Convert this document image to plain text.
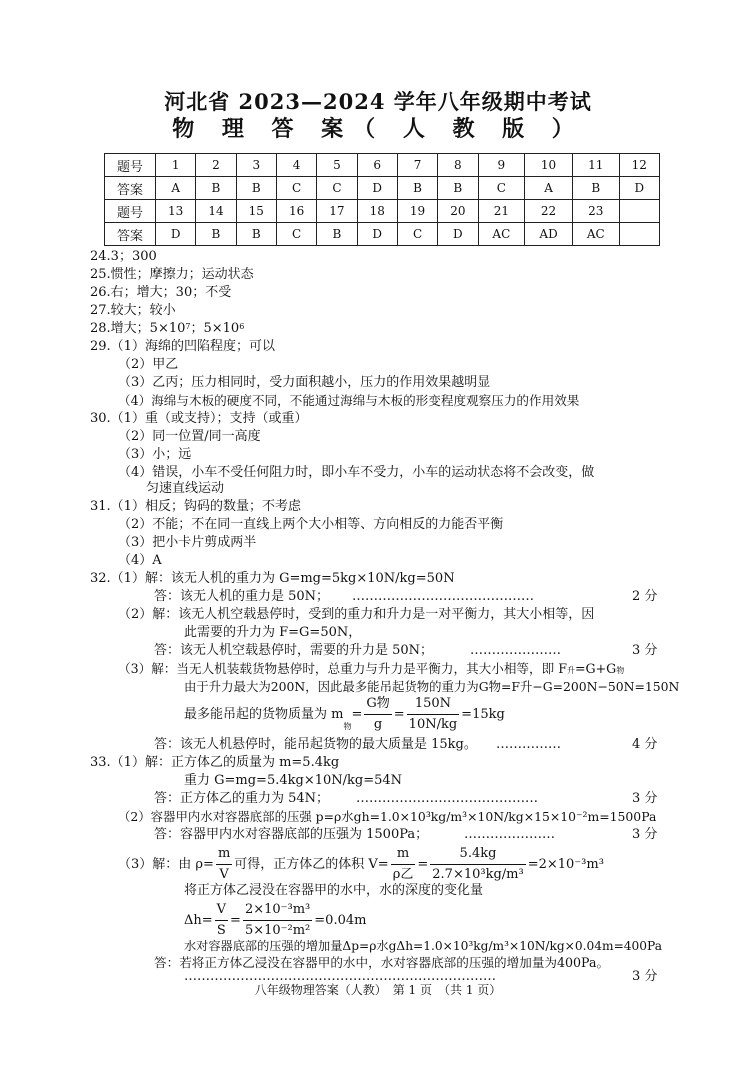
河北省 2023—2024 学年八年级期中考试
物 理 答 案（ 人 教 版 ）
题号	1	2	3	4	5	6	7	8	9	10	11	12
答案	A	B	B	C	C	D	B	B	C	A	B	D
题号	13	14	15	16	17	18	19	20	21	22	23	
答案	D	B	B	C	B	D	C	D	AC	AD	AC	
24.3；300
25.惯性；摩擦力；运动状态
26.右；增大；30；不受
27.较大；较小
28.增大；$5\times 10^7$；$5\times 10^6$
29.（1）海绵的凹陷程度；可以
（2）甲乙
（3）乙丙；压力相同时，受力面积越小，压力的作用效果越明显
（4）海绵与木板的硬度不同，不能通过海绵与木板的形变程度观察压力的作用效果
30.（1）重（或支持）；支持（或重）
（2）同一位置/同一高度
（3）小；远
（4）错误，小车不受任何阻力时，即小车不受力，小车的运动状态将不会改变，做
匀速直线运动
31.（1）相反；钩码的数量；不考虑
（2）不能；不在同一直线上两个大小相等、方向相反的力能否平衡
（3）把小卡片剪成两半
（4）A
32.（1）解：该无人机的重力为 G=mg=5kg×10N/kg=50N
答：该无人机的重力是 50N； ……………………………………	2 分
（2）解：该无人机空载悬停时，受到的重力和升力是一对平衡力，其大小相等，因
此需要的升力为 F=G=50N，
答：该无人机空载悬停时，需要的升力是 50N；	…………………	3 分
（3）解：当无人机装载货物悬停时，总重力与升力是平衡力，其大小相等，即 F升=G+G物
由于升力最大为200N，因此最多能吊起货物的重力为G物=F升−G=200N−50N=150N
最多能吊起的货物质量为 m物= $\frac{\text{G物}}{g} = \frac{150N}{10N/kg} =15kg$
答：该无人机悬停时，能吊起货物的最大质量是 15kg。 ……………	4 分
33.（1）解：正方体乙的质量为 m=5.4kg
重力 G=mg=5.4kg×10N/kg=54N
答：正方体乙的重力为 54N； ……………………………………	3 分
（2）容器甲内水对容器底部的压强 p=ρ水gh=1.0×10³kg/m³×10N/kg×15×10⁻²m=1500Pa
答：容器甲内水对容器底部的压强为 1500Pa；	…………………	3 分
（3）解：由 $\rho= \frac{m}{V}$ 可得，正方体乙的体积 $V= \frac{m}{\text{ρ乙}} = \frac{5.4kg}{\text{2.7×10³kg/m³}} =2\times 10^{-3}m^3$
将正方体乙浸没在容器甲的水中，水的深度的变化量
$\Delta h= \frac{V}{S} = \frac{\text{2×10⁻³m³}}{\text{5×10⁻²m²}} =0.04m$
水对容器底部的压强的增加量Δp=ρ水gΔh=1.0×10³kg/m³×10N/kg×0.04m=400Pa
答：若将正方体乙浸没在容器甲的水中，水对容器底部的压强的增加量为400Pa。
………………………………………………………………	3 分
八年级物理答案（人教）　第 1 页　（共 1 页）
